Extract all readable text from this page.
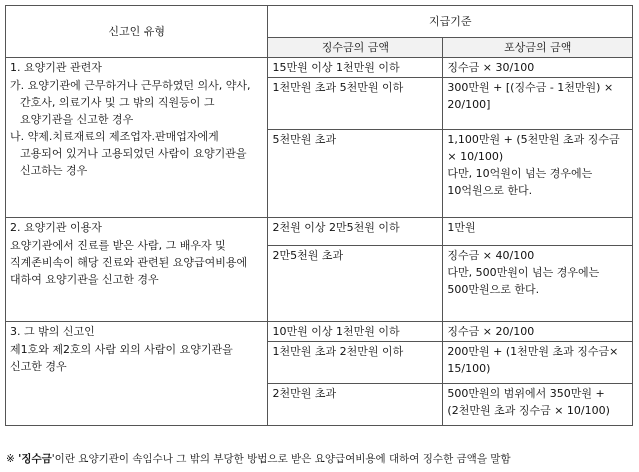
신고인 유형	지급기준	
	징수금의 금액	포상금의 금액

1. 요양기관 관련자
가. 요양기관에 근무하거나 근무하였던 의사, 약사, 간호사, 의료기사 및 그 밖의 직원등이 그 요양기관을 신고한 경우
나. 약제.치료재료의 제조업자.판매업자에게 고용되어 있거나 고용되었던 사람이 요양기관을 신고하는 경우	15만원 이상 1천만원 이하	징수금 × 30/100
	1천만원 초과 5천만원 이하	300만원 + [(징수금 - 1천만원) × 20/100]
	5천만원 초과	1,100만원 + (5천만원 초과 징수금 × 10/100)
다만, 10억원이 넘는 경우에는 10억원으로 한다.

2. 요양기관 이용자
요양기관에서 진료를 받은 사람, 그 배우자 및 직계존비속이 해당 진료와 관련된 요양급여비용에 대하여 요양기관을 신고한 경우	2천원 이상 2만5천원 이하	1만원
	2만5천원 초과	징수금 × 40/100
다만, 500만원이 넘는 경우에는 500만원으로 한다.

3. 그 밖의 신고인
제1호와 제2호의 사람 외의 사람이 요양기관을 신고한 경우	10만원 이상 1천만원 이하	징수금 × 20/100
	1천만원 초과 2천만원 이하	200만원 + (1천만원 초과 징수금× 15/100)
	2천만원 초과	500만원의 범위에서 350만원 + (2천만원 초과 징수금 × 10/100)
※ '징수금'이란 요양기관이 속임수나 그 밖의 부당한 방법으로 받은 요양급여비용에 대하여 징수한 금액을 말함
